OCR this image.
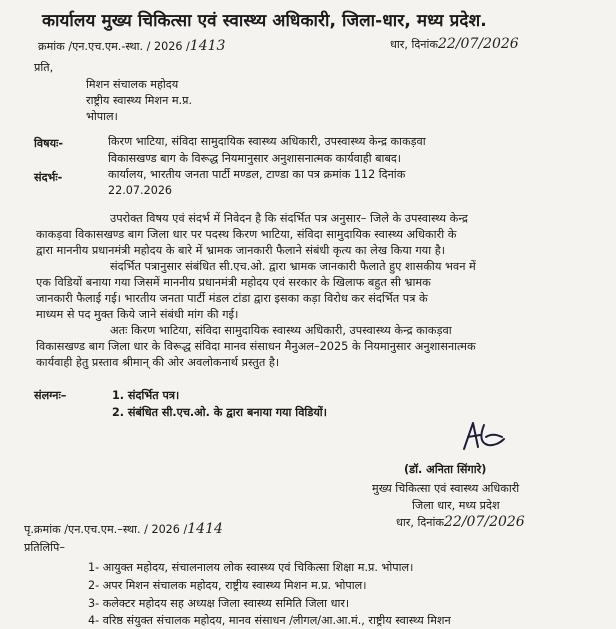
कार्यालय मुख्य चिकित्सा एवं स्वास्थ्य अधिकारी, जिला-धार, मध्य प्रदेश.
क्रमांक /एन.एच.एम.-स्था. / 2026 /1413	धार, दिनांक22/07/2026
प्रति,
मिशन संचालक महोदय
राष्ट्रीय स्वास्थ्य मिशन म.प्र.
भोपाल।
विषयः-	किरण भाटिया, संविदा सामुदायिक स्वास्थ्य अधिकारी, उपस्वास्थ्य केन्द्र काकड़वा
विकासखण्ड बाग के विरूद्ध नियमानुसार अनुशासनात्मक कार्यवाही बाबद।
संदर्भः-	कार्यालय, भारतीय जनता पार्टी मण्डल, टाण्डा का पत्र क्रमांक 112 दिनांक
22.07.2026
उपरोक्त विषय एवं संदर्भ में निवेदन है कि संदर्भित पत्र अनुसार– जिले के उपस्वास्थ्य केन्द्र
काकड़वा विकासखण्ड बाग जिला धार पर पदस्थ किरण भाटिया, संविदा सामुदायिक स्वास्थ्य अधिकारी के
द्वारा माननीय प्रधानमंत्री महोदय के बारे में भ्रामक जानकारी फैलाने संबंधी कृत्य का लेख किया गया है।
संदर्भित पत्रानुसार संबंधित सी.एच.ओ. द्वारा भ्रामक जानकारी फैलाते हुए शासकीय भवन में
एक विडियों बनाया गया जिसमें माननीय प्रधानमंत्री महोदय एवं सरकार के खिलाफ बहुत सी भ्रामक
जानकारी फैलाई गई। भारतीय जनता पार्टी मंडल टांडा द्वारा इसका कड़ा विरोध कर संदर्भित पत्र के
माध्यम से पद मुक्त किये जाने संबंधी मांग की गई।
अतः किरण भाटिया, संविदा सामुदायिक स्वास्थ्य अधिकारी, उपस्वास्थ्य केन्द्र काकड़वा
विकासखण्ड बाग जिला धार के विरूद्ध संविदा मानव संसाधन मैनुअल–2025 के नियमानुसार अनुशासनात्मक
कार्यवाही हेतु प्रस्ताव श्रीमान् की ओर अवलोकनार्थ प्रस्तुत है।
संलग्नः–	1. संदर्भित पत्र।
2. संबंधित सी.एच.ओ. के द्वारा बनाया गया विडियों।
(डॉ. अनिता सिंगारे)
मुख्य चिकित्सा एवं स्वास्थ्य अधिकारी
जिला धार, मध्य प्रदेश
धार, दिनांक22/07/2026
पृ.क्रमांक /एन.एच.एम.–स्था. / 2026 /1414
प्रतिलिपि–
1- आयुक्त महोदय, संचालनालय लोक स्वास्थ्य एवं चिकित्सा शिक्षा म.प्र. भोपाल।
2- अपर मिशन संचालक महोदय, राष्ट्रीय स्वास्थ्य मिशन म.प्र. भोपाल।
3- कलेक्टर महोदय सह अध्यक्ष जिला स्वास्थ्य समिति जिला धार।
4- वरिष्ठ संयुक्त संचालक महोदय, मानव संसाधन /लीगल/आ.आ.मं., राष्ट्रीय स्वास्थ्य मिशन
